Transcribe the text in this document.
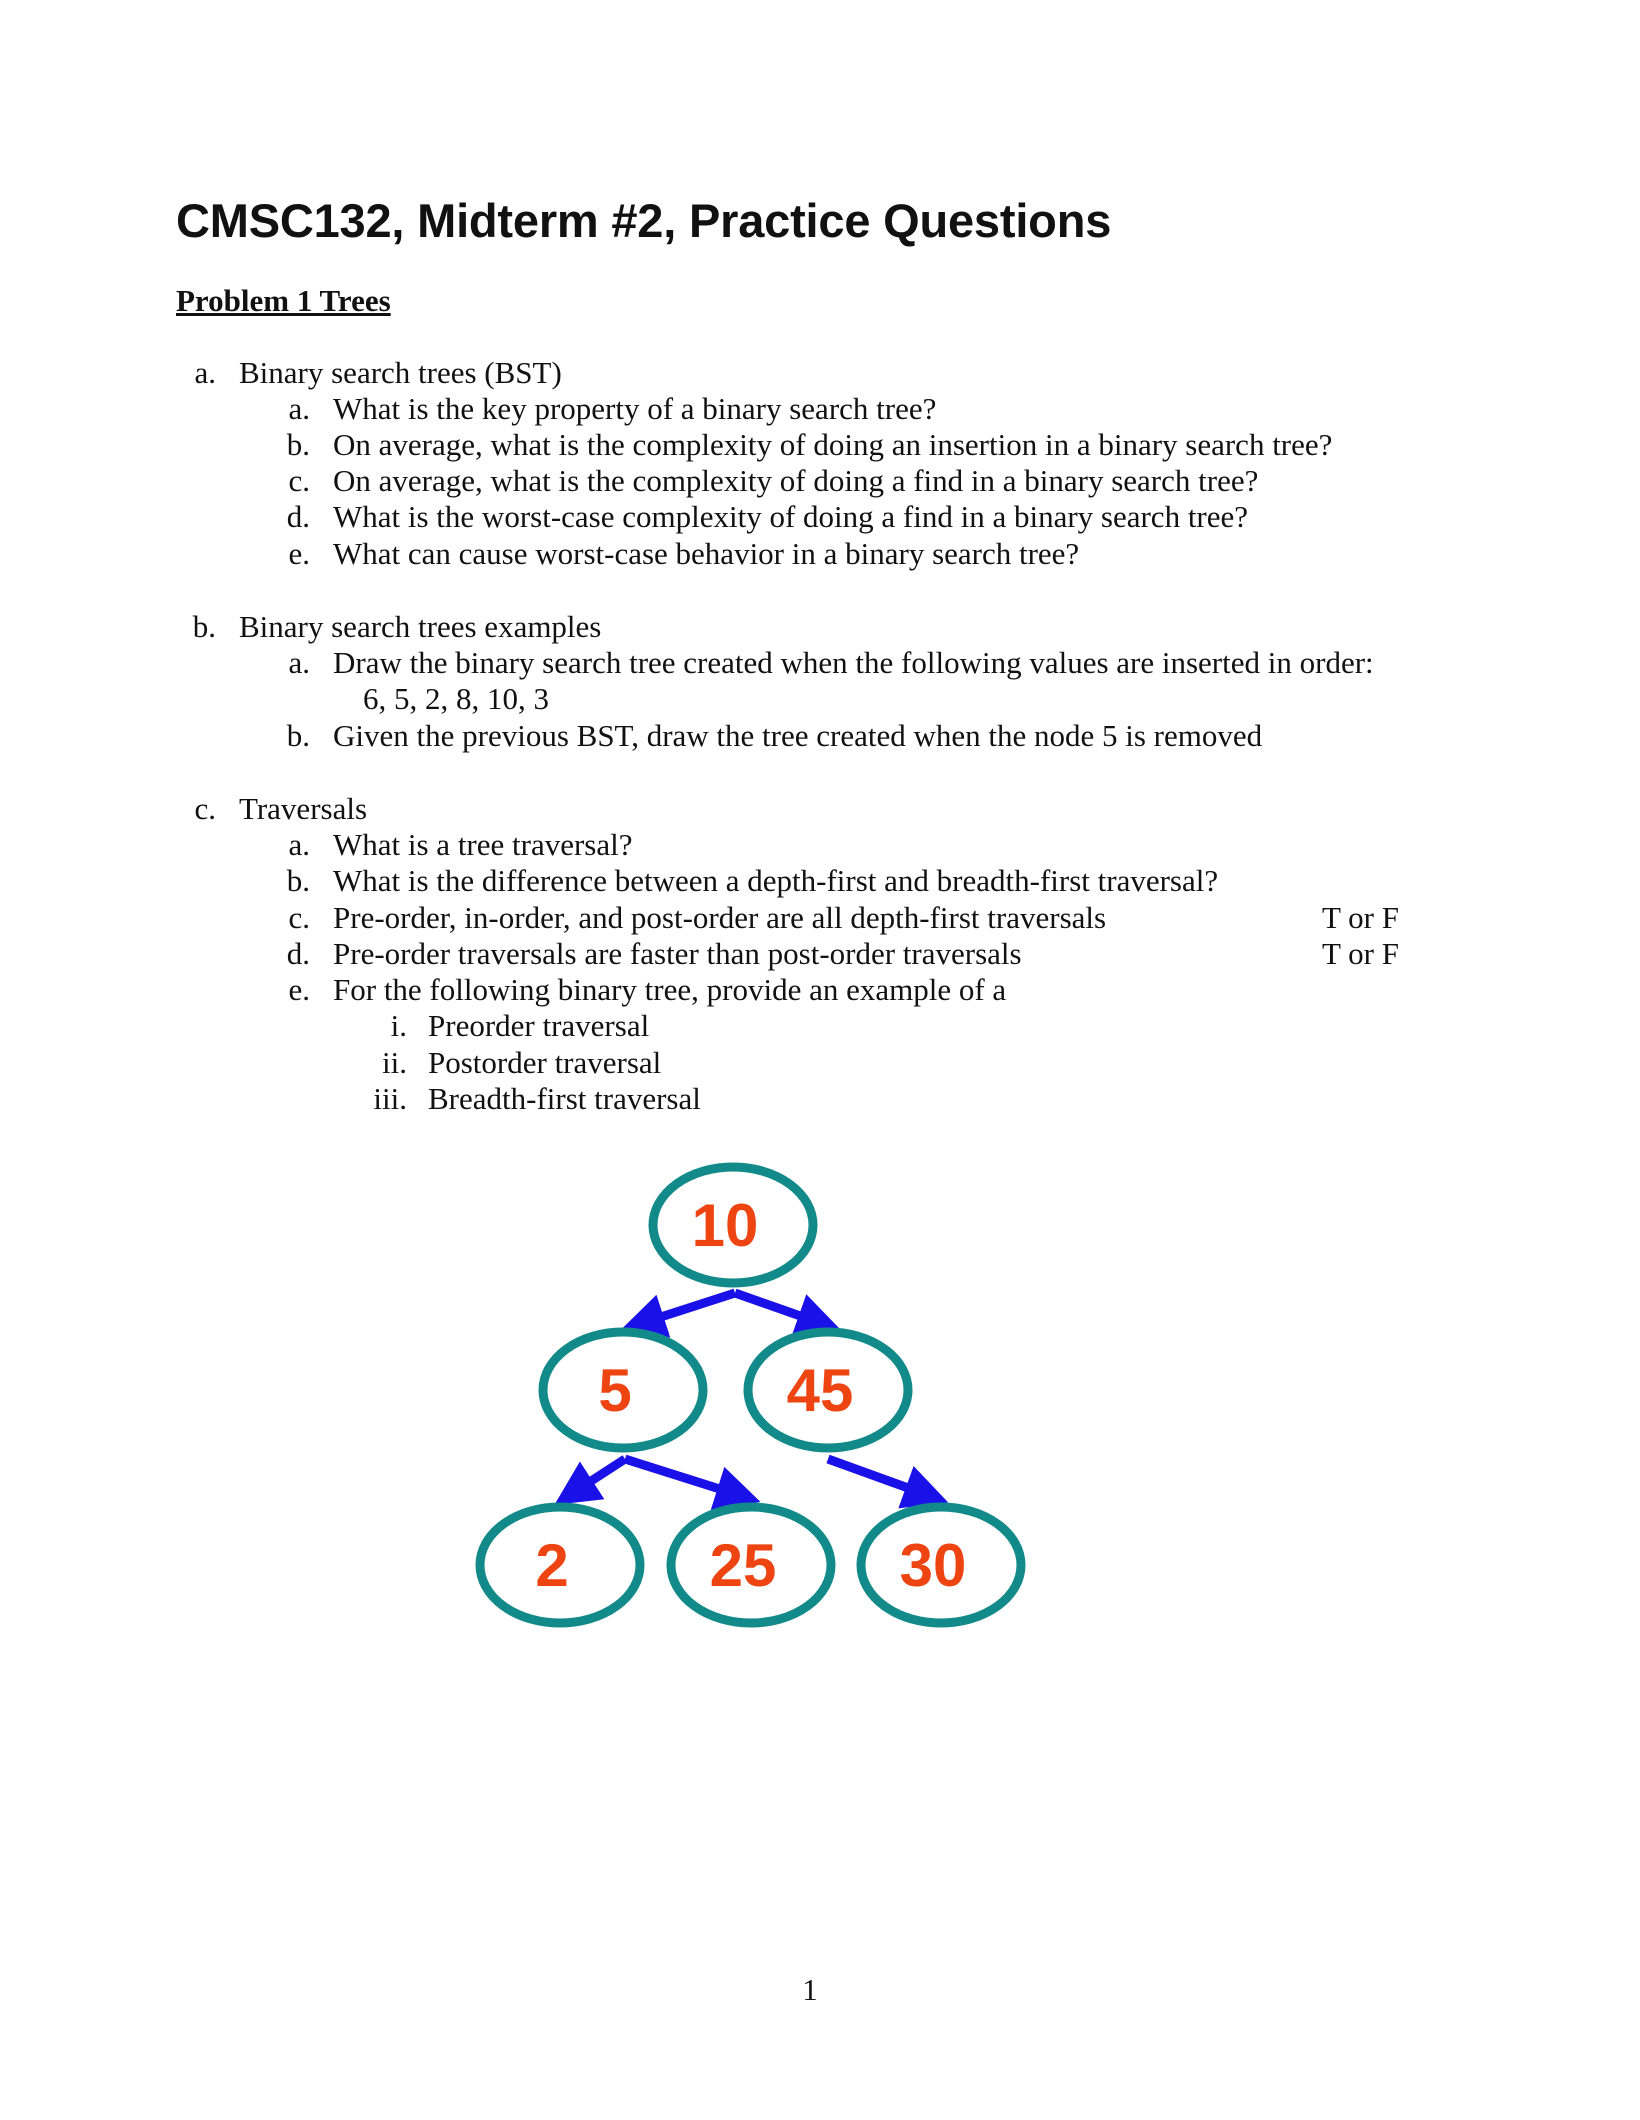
CMSC132, Midterm #2, Practice Questions
Problem 1 Trees
a. Binary search trees (BST)
a. What is the key property of a binary search tree?
b. On average, what is the complexity of doing an insertion in a binary search tree?
c. On average, what is the complexity of doing a find in a binary search tree?
d. What is the worst-case complexity of doing a find in a binary search tree?
e. What can cause worst-case behavior in a binary search tree?
b. Binary search trees examples
a. Draw the binary search tree created when the following values are inserted in order:
6, 5, 2, 8, 10, 3
b. Given the previous BST, draw the tree created when the node 5 is removed
c. Traversals
a. What is a tree traversal?
b. What is the difference between a depth-first and breadth-first traversal?
c. Pre-order, in-order, and post-order are all depth-first traversals	T or F
d. Pre-order traversals are faster than post-order traversals	T or F
e. For the following binary tree, provide an example of a
i. Preorder traversal
ii. Postorder traversal
iii. Breadth-first traversal
10
5	45
2 25 30
1
